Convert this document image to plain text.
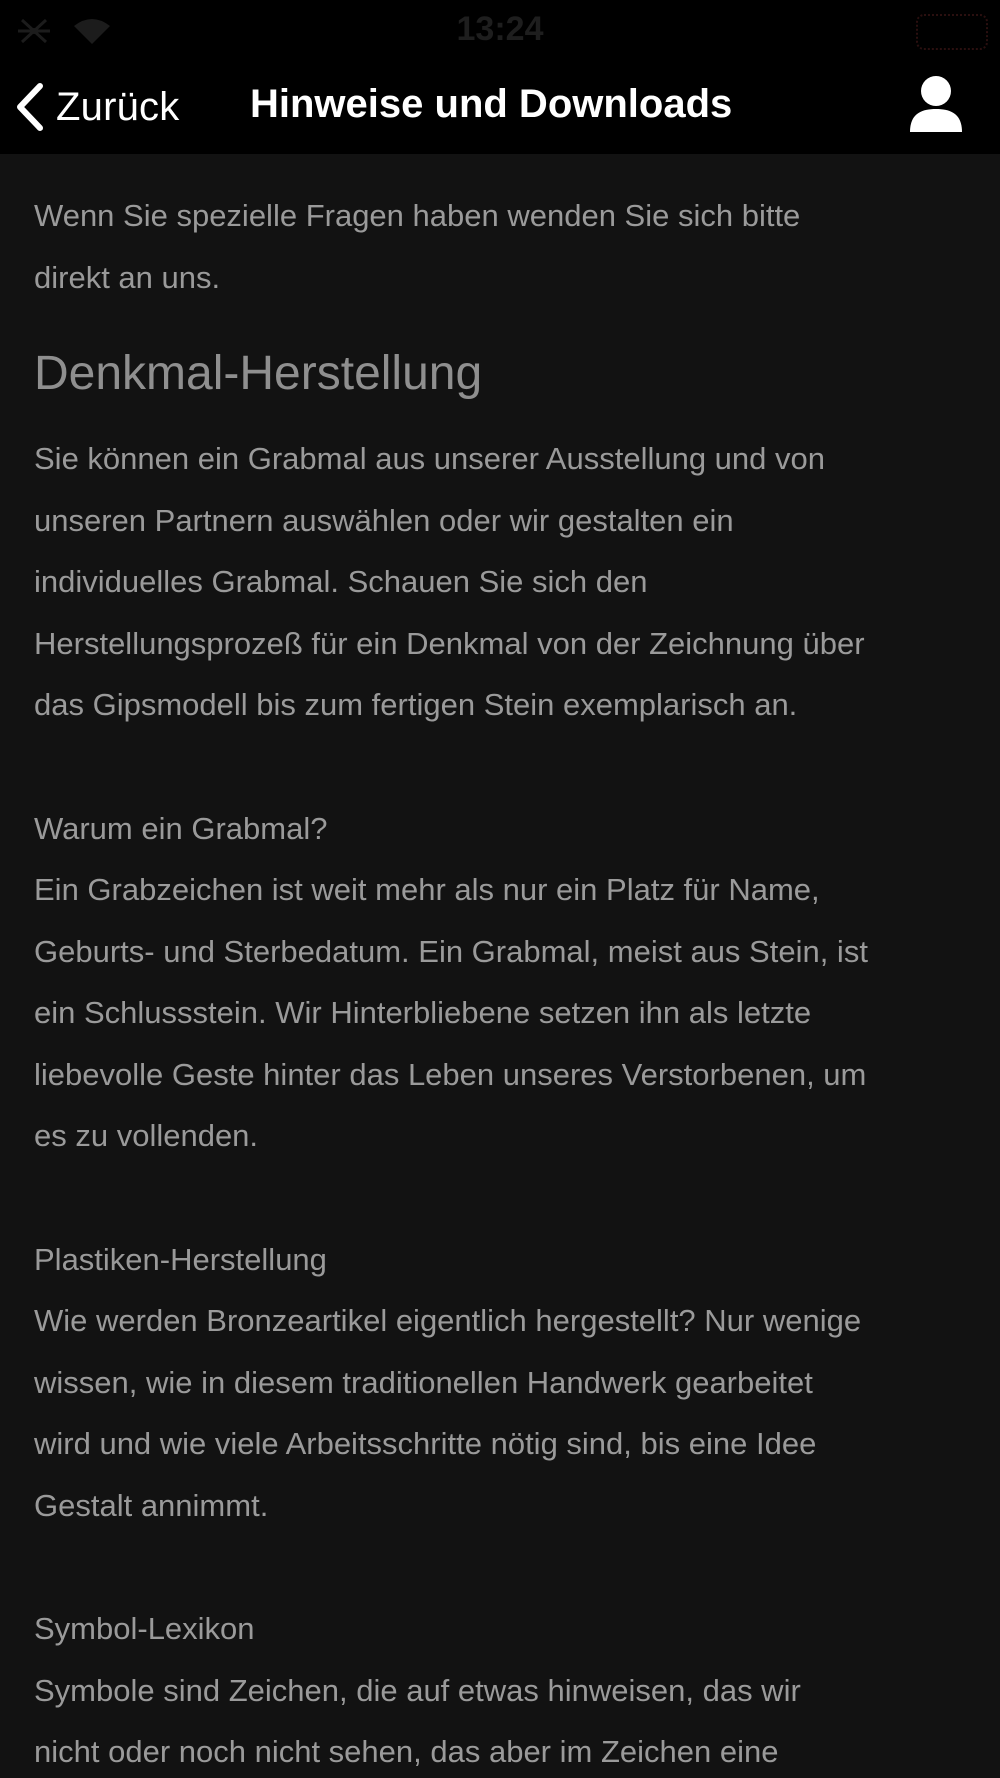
13:24
Zurück Hinweise und Downloads

Wenn Sie spezielle Fragen haben wenden Sie sich bitte
direkt an uns.

Denkmal-Herstellung

Sie können ein Grabmal aus unserer Ausstellung und von
unseren Partnern auswählen oder wir gestalten ein
individuelles Grabmal. Schauen Sie sich den
Herstellungsprozeß für ein Denkmal von der Zeichnung über
das Gipsmodell bis zum fertigen Stein exemplarisch an.

Warum ein Grabmal?

Ein Grabzeichen ist weit mehr als nur ein Platz für Name,
Geburts- und Sterbedatum. Ein Grabmal, meist aus Stein, ist
ein Schlussstein. Wir Hinterbliebene setzen ihn als letzte
liebevolle Geste hinter das Leben unseres Verstorbenen, um
es zu vollenden.

Plastiken-Herstellung

Wie werden Bronzeartikel eigentlich hergestellt? Nur wenige
wissen, wie in diesem traditionellen Handwerk gearbeitet
wird und wie viele Arbeitsschritte nötig sind, bis eine Idee
Gestalt annimmt.

Symbol-Lexikon

Symbole sind Zeichen, die auf etwas hinweisen, das wir
nicht oder noch nicht sehen, das aber im Zeichen eine
